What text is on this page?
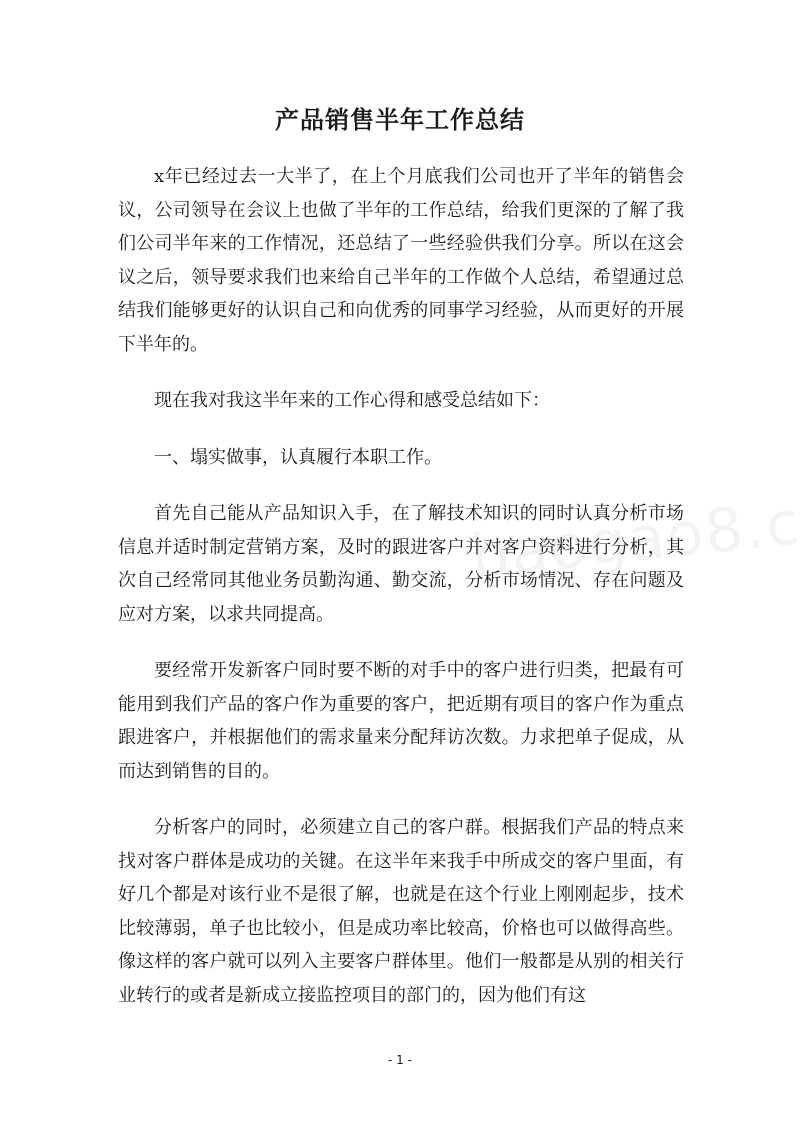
产品销售半年工作总结

x年已经过去一大半了，在上个月底我们公司也开了半年的销售会议，公司领导在会议上也做了半年的工作总结，给我们更深的了解了我们公司半年来的工作情况，还总结了一些经验供我们分享。所以在这会议之后，领导要求我们也来给自己半年的工作做个人总结，希望通过总结我们能够更好的认识自己和向优秀的同事学习经验，从而更好的开展下半年的。

现在我对我这半年来的工作心得和感受总结如下：

一、塌实做事，认真履行本职工作。

首先自己能从产品知识入手，在了解技术知识的同时认真分析市场信息并适时制定营销方案，及时的跟进客户并对客户资料进行分析，其次自己经常同其他业务员勤沟通、勤交流，分析市场情况、存在问题及应对方案，以求共同提高。

要经常开发新客户同时要不断的对手中的客户进行归类，把最有可能用到我们产品的客户作为重要的客户，把近期有项目的客户作为重点跟进客户，并根据他们的需求量来分配拜访次数。力求把单子促成，从而达到销售的目的。

分析客户的同时，必须建立自己的客户群。根据我们产品的特点来找对客户群体是成功的关键。在这半年来我手中所成交的客户里面，有好几个都是对该行业不是很了解，也就是在这个行业上刚刚起步，技术比较薄弱，单子也比较小，但是成功率比较高，价格也可以做得高些。像这样的客户就可以列入主要客户群体里。他们一般都是从别的相关行业转行的或者是新成立接监控项目的部门的，因为他们有这

- 1 -
